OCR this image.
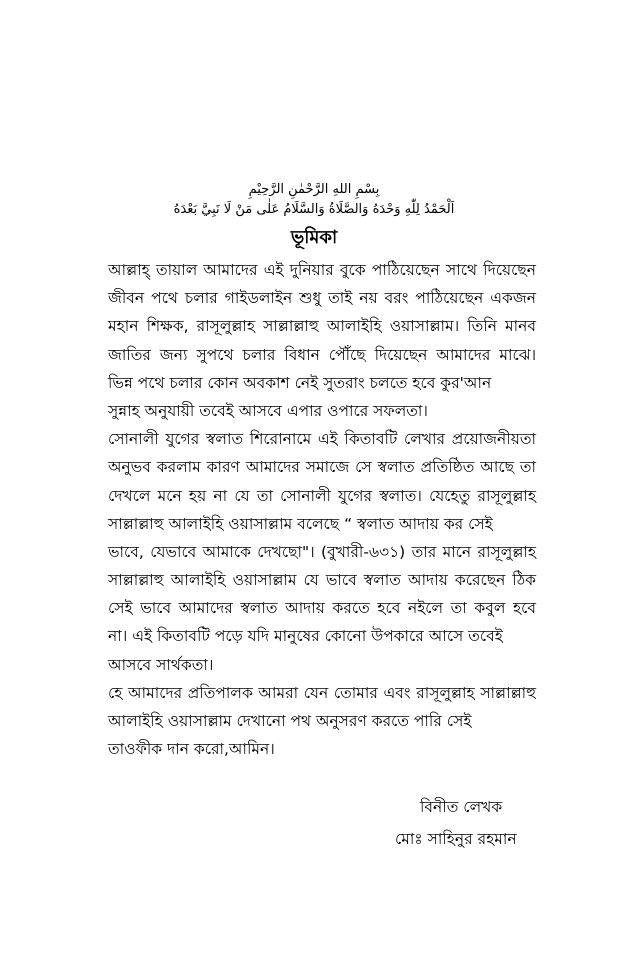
بِسْمِ اللهِ الرَّحْمٰنِ الرَّحِيْمِ
اَلْحَمْدُ لِلّٰهِ وَحْدَهُ وَالصَّلَاةُ وَالسَّلَامُ عَلٰى مَنْ لَا نَبِيَّ بَعْدَهُ
ভূমিকা
আল্লাহ্ তায়াল আমাদের এই দুনিয়ার বুকে পাঠিয়েছেন সাথে দিয়েছেন
জীবন পথে চলার গাইডলাইন শুধু তাই নয় বরং পাঠিয়েছেন একজন
মহান শিক্ষক, রাসূলুল্লাহ সাল্লাল্লাহু আলাইহি ওয়াসাল্লাম। তিনি মানব
জাতির জন্য সুপথে চলার বিধান পৌঁছে দিয়েছেন আমাদের মাঝে।
ভিন্ন পথে চলার কোন অবকাশ নেই সুতরাং চলতে হবে কুর'আন
সুন্নাহ অনুযায়ী তবেই আসবে এপার ওপারে সফলতা।
সোনালী যুগের স্বলাত শিরোনামে এই কিতাবটি লেখার প্রয়োজনীয়তা
অনুভব করলাম কারণ আমাদের সমাজে সে স্বলাত প্রতিষ্ঠিত আছে তা
দেখলে মনে হয় না যে তা সোনালী যুগের স্বলাত। যেহেতু রাসূলুল্লাহ
সাল্লাল্লাহু আলাইহি ওয়াসাল্লাম বলেছে “ স্বলাত আদায় কর সেই
ভাবে, যেভাবে আমাকে দেখছো"। (বুখারী-৬৩১) তার মানে রাসূলুল্লাহ
সাল্লাল্লাহু আলাইহি ওয়াসাল্লাম যে ভাবে স্বলাত আদায় করেছেন ঠিক
সেই ভাবে আমাদের স্বলাত আদায় করতে হবে নইলে তা কবুল হবে
না। এই কিতাবটি পড়ে যদি মানুষের কোনো উপকারে আসে তবেই
আসবে সার্থকতা।
হে আমাদের প্রতিপালক আমরা যেন তোমার এবং রাসূলুল্লাহ সাল্লাল্লাহু
আলাইহি ওয়াসাল্লাম দেখানো পথ অনুসরণ করতে পারি সেই
তাওফীক দান করো,আমিন।
বিনীত লেখক
মোঃ সাহিনুর রহমান
